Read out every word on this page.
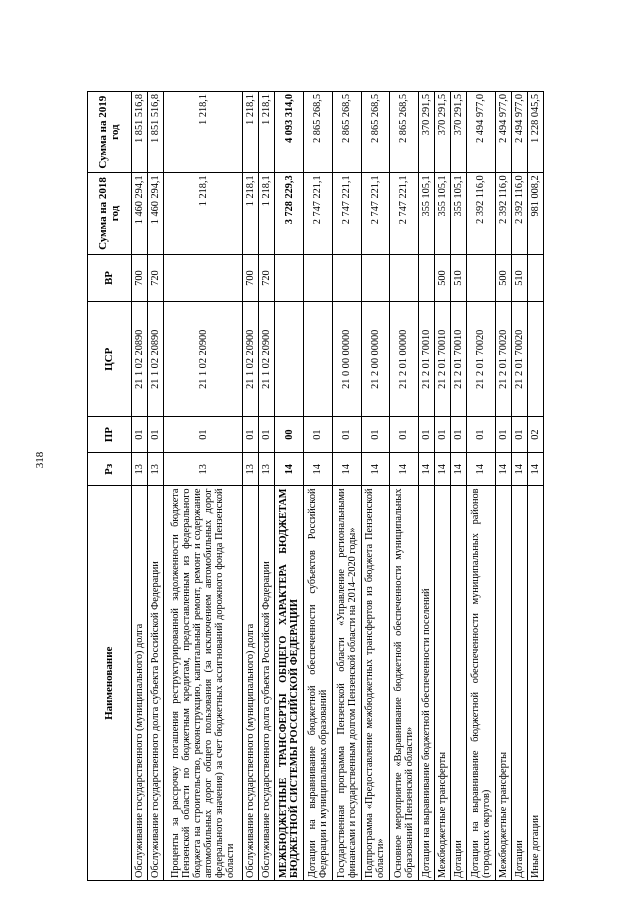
318
Наименование	Рз	ПР	ЦСР	ВР	Сумма на 2018 год	Сумма на 2019 год
Обслуживание государственного (муниципального) долга	13	01	21 1 02 20890	700	1 460 294,1	1 851 516,8
Обслуживание государственного долга субъекта Российской Федерации	13	01	21 1 02 20890	720	1 460 294,1	1 851 516,8
Проценты за рассрочку погашения реструктурированной задолженности бюджета Пензенской области по бюджетным кредитам, предоставленным из федерального бюджета на строительство, реконструкцию, капитальный ремонт, ремонт и содержание автомобильных дорог общего пользования (за исключением автомобильных дорог федерального значения) за счет бюджетных ассигнований дорожного фонда Пензенской области	13	01	21 1 02 20900		1 218,1	1 218,1
Обслуживание государственного (муниципального) долга	13	01	21 1 02 20900	700	1 218,1	1 218,1
Обслуживание государственного долга субъекта Российской Федерации	13	01	21 1 02 20900	720	1 218,1	1 218,1
МЕЖБЮДЖЕТНЫЕ ТРАНСФЕРТЫ ОБЩЕГО ХАРАКТЕРА БЮДЖЕТАМ БЮДЖЕТНОЙ СИСТЕМЫ РОССИЙСКОЙ ФЕДЕРАЦИИ	14	00			3 728 229,3	4 093 314,0
Дотации на выравнивание бюджетной обеспеченности субъектов Российской Федерации и муниципальных образований	14	01			2 747 221,1	2 865 268,5
Государственная программа Пензенской области «Управление региональными финансами и государственным долгом Пензенской области на 2014–2020 годы»	14	01	21 0 00 00000		2 747 221,1	2 865 268,5
Подпрограмма «Предоставление межбюджетных трансфертов из бюджета Пензенской области»	14	01	21 2 00 00000		2 747 221,1	2 865 268,5
Основное мероприятие «Выравнивание бюджетной обеспеченности муниципальных образований Пензенской области»	14	01	21 2 01 00000		2 747 221,1	2 865 268,5
Дотации на выравнивание бюджетной обеспеченности поселений	14	01	21 2 01 70010		355 105,1	370 291,5
Межбюджетные трансферты	14	01	21 2 01 70010	500	355 105,1	370 291,5
Дотации	14	01	21 2 01 70010	510	355 105,1	370 291,5
Дотации на выравнивание бюджетной обеспеченности муниципальных районов (городских округов)	14	01	21 2 01 70020		2 392 116,0	2 494 977,0
Межбюджетные трансферты	14	01	21 2 01 70020	500	2 392 116,0	2 494 977,0
Дотации	14	01	21 2 01 70020	510	2 392 116,0	2 494 977,0
Иные дотации	14	02			981 008,2	1 228 045,5
